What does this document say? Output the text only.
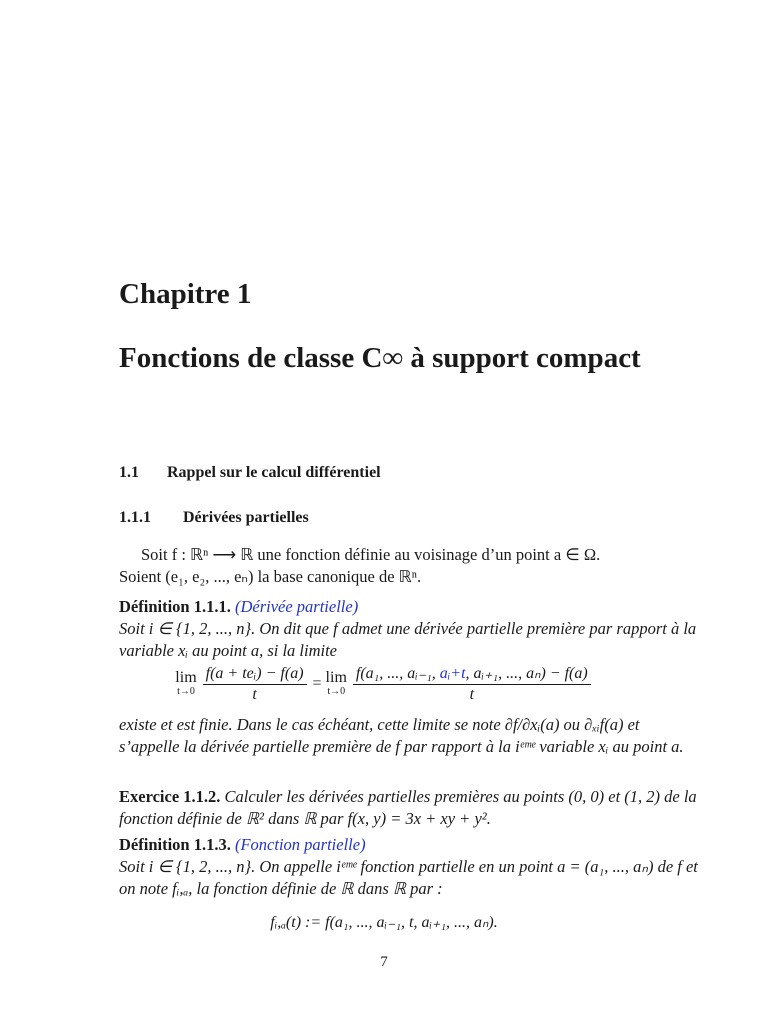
Chapitre 1
Fonctions de classe C∞ à support compact
1.1 Rappel sur le calcul différentiel
1.1.1 Dérivées partielles
Soit f : ℝⁿ ⟶ ℝ une fonction définie au voisinage d’un point a ∈ Ω.
Soient (e₁, e₂, ..., eₙ) la base canonique de ℝⁿ.
Définition 1.1.1. (Dérivée partielle)
Soit i ∈ {1, 2, ..., n}. On dit que f admet une dérivée partielle première par rapport à la variable xᵢ au point a, si la limite
lim
t→0
$\frac{\text{f(a + teᵢ) − f(a)}}{t} = \lim$
t→0
$\frac{\text{f(a₁, ..., aᵢ₋₁, aᵢ+t, aᵢ₊₁, ..., aₙ) − f(a)}}{t}$
existe et est finie. Dans le cas échéant, cette limite se note ∂f/∂xᵢ(a) ou ∂ₓᵢf(a) et s’appelle la dérivée partielle première de f par rapport à la iᵉᵐᵉ variable xᵢ au point a.
Exercice 1.1.2. Calculer les dérivées partielles premières au points (0, 0) et (1, 2) de la fonction définie de ℝ² dans ℝ par f(x, y) = 3x + xy + y².
Définition 1.1.3. (Fonction partielle)
Soit i ∈ {1, 2, ..., n}. On appelle iᵉᵐᵉ fonction partielle en un point a = (a₁, ..., aₙ) de f et on note fᵢ,ₐ, la fonction définie de ℝ dans ℝ par :
fᵢ,ₐ(t) := f(a₁, ..., aᵢ₋₁, t, aᵢ₊₁, ..., aₙ).
7
